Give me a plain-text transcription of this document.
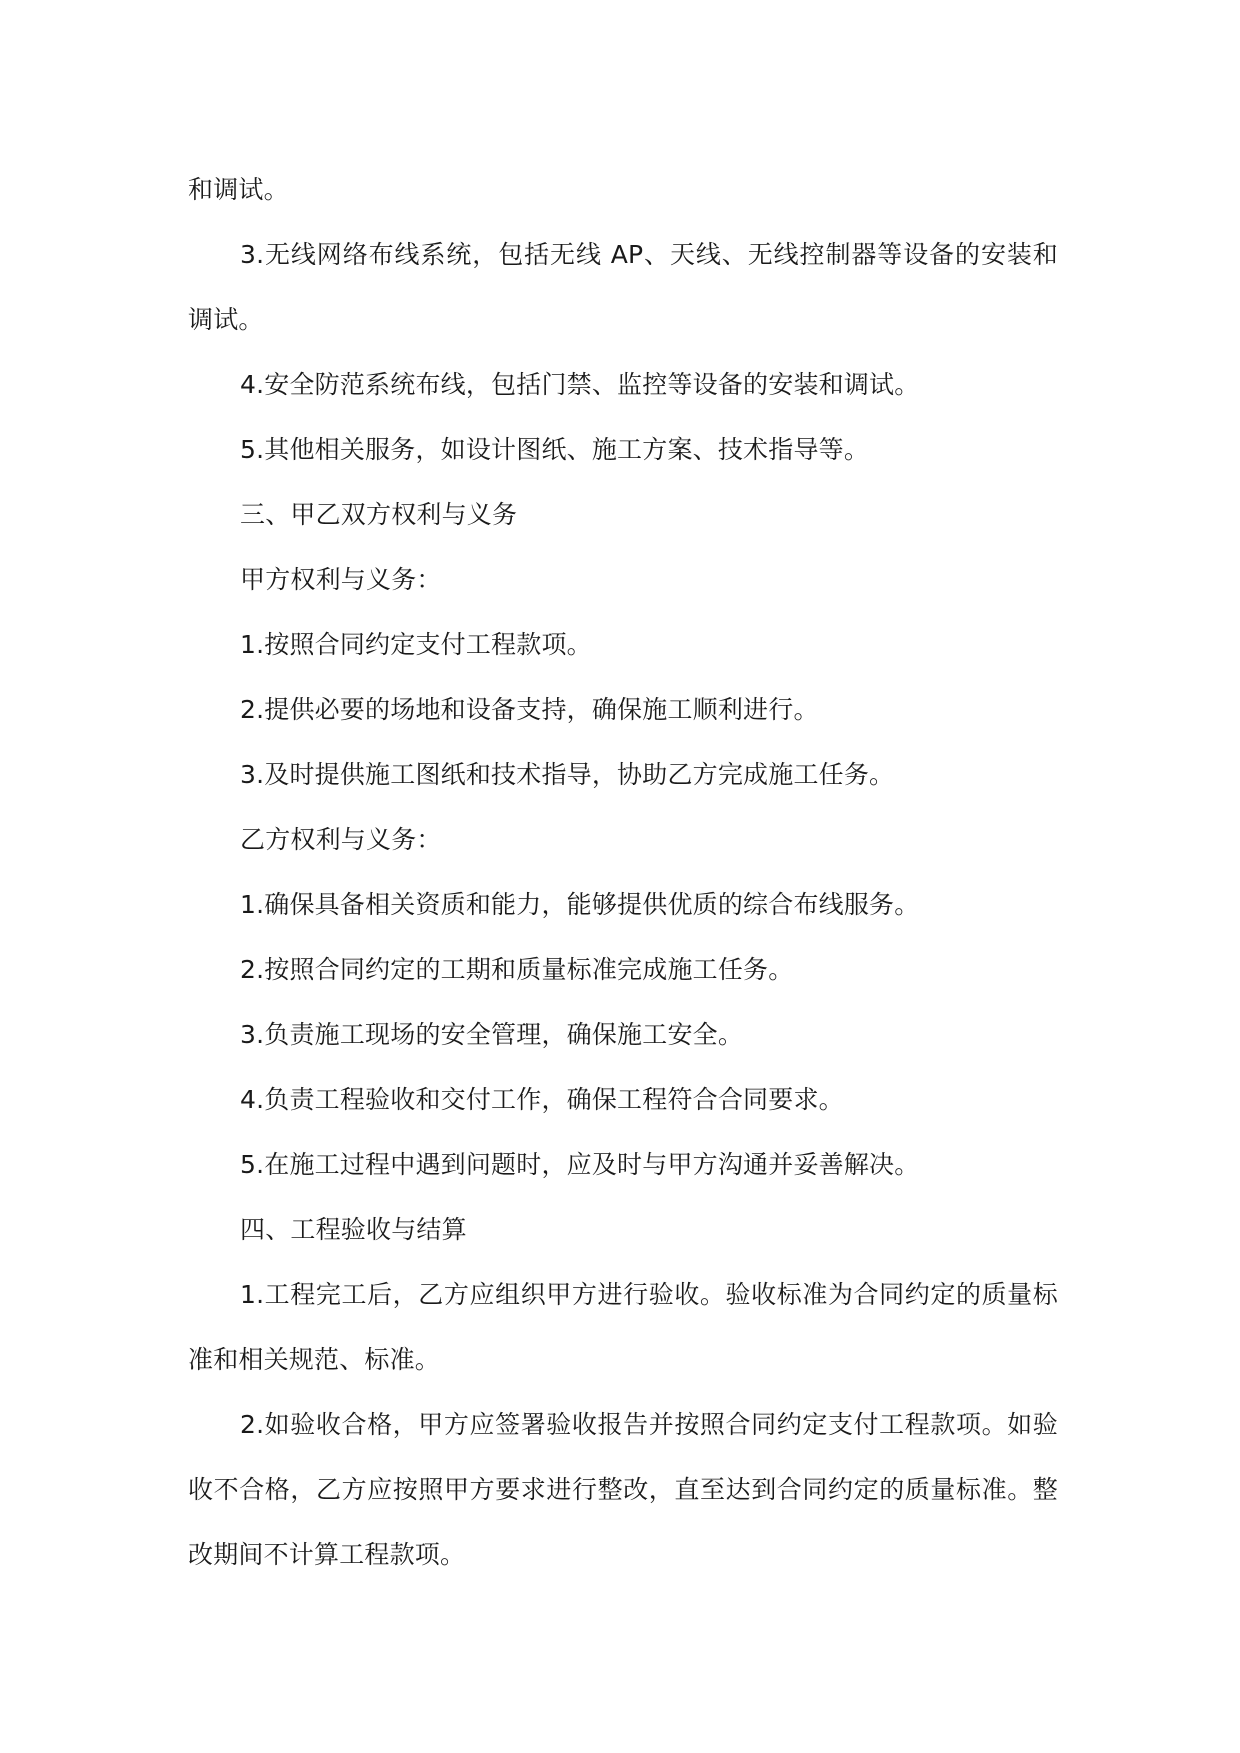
和调试。

3.无线网络布线系统，包括无线 AP、天线、无线控制器等设备的安装和调试。

4.安全防范系统布线，包括门禁、监控等设备的安装和调试。

5.其他相关服务，如设计图纸、施工方案、技术指导等。

三、甲乙双方权利与义务

甲方权利与义务：

1.按照合同约定支付工程款项。

2.提供必要的场地和设备支持，确保施工顺利进行。

3.及时提供施工图纸和技术指导，协助乙方完成施工任务。

乙方权利与义务：

1.确保具备相关资质和能力，能够提供优质的综合布线服务。

2.按照合同约定的工期和质量标准完成施工任务。

3.负责施工现场的安全管理，确保施工安全。

4.负责工程验收和交付工作，确保工程符合合同要求。

5.在施工过程中遇到问题时，应及时与甲方沟通并妥善解决。

四、工程验收与结算

1.工程完工后，乙方应组织甲方进行验收。验收标准为合同约定的质量标准和相关规范、标准。

2.如验收合格，甲方应签署验收报告并按照合同约定支付工程款项。如验收不合格，乙方应按照甲方要求进行整改，直至达到合同约定的质量标准。整改期间不计算工程款项。
